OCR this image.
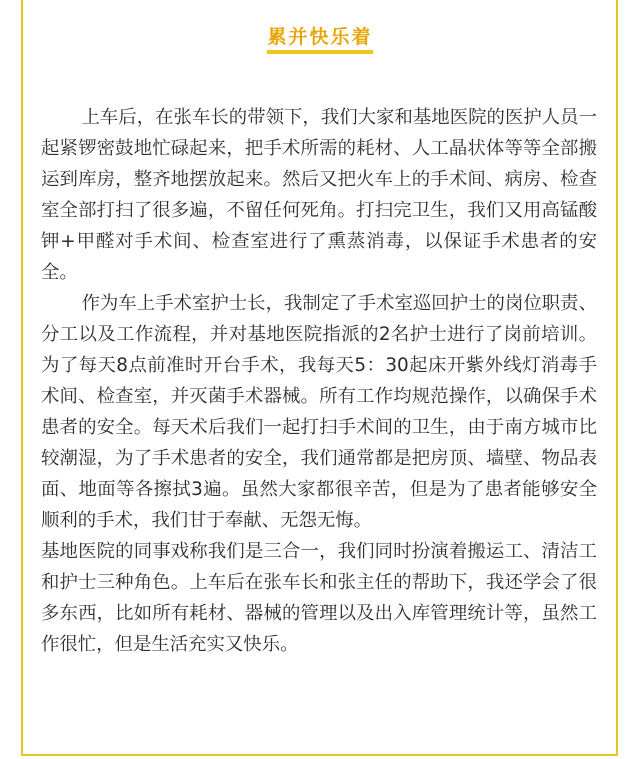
累并快乐着

上车后，在张车长的带领下，我们大家和基地医院的医护人员一起紧锣密鼓地忙碌起来，把手术所需的耗材、人工晶状体等等全部搬运到库房，整齐地摆放起来。然后又把火车上的手术间、病房、检查室全部打扫了很多遍，不留任何死角。打扫完卫生，我们又用高锰酸钾+甲醛对手术间、检查室进行了熏蒸消毒，以保证手术患者的安全。

作为车上手术室护士长，我制定了手术室巡回护士的岗位职责、分工以及工作流程，并对基地医院指派的2名护士进行了岗前培训。为了每天8点前准时开台手术，我每天5：30起床开紫外线灯消毒手术间、检查室，并灭菌手术器械。所有工作均规范操作，以确保手术患者的安全。每天术后我们一起打扫手术间的卫生，由于南方城市比较潮湿，为了手术患者的安全，我们通常都是把房顶、墙壁、物品表面、地面等各擦拭3遍。虽然大家都很辛苦，但是为了患者能够安全顺利的手术，我们甘于奉献、无怨无悔。

基地医院的同事戏称我们是三合一，我们同时扮演着搬运工、清洁工和护士三种角色。上车后在张车长和张主任的帮助下，我还学会了很多东西，比如所有耗材、器械的管理以及出入库管理统计等，虽然工作很忙，但是生活充实又快乐。
